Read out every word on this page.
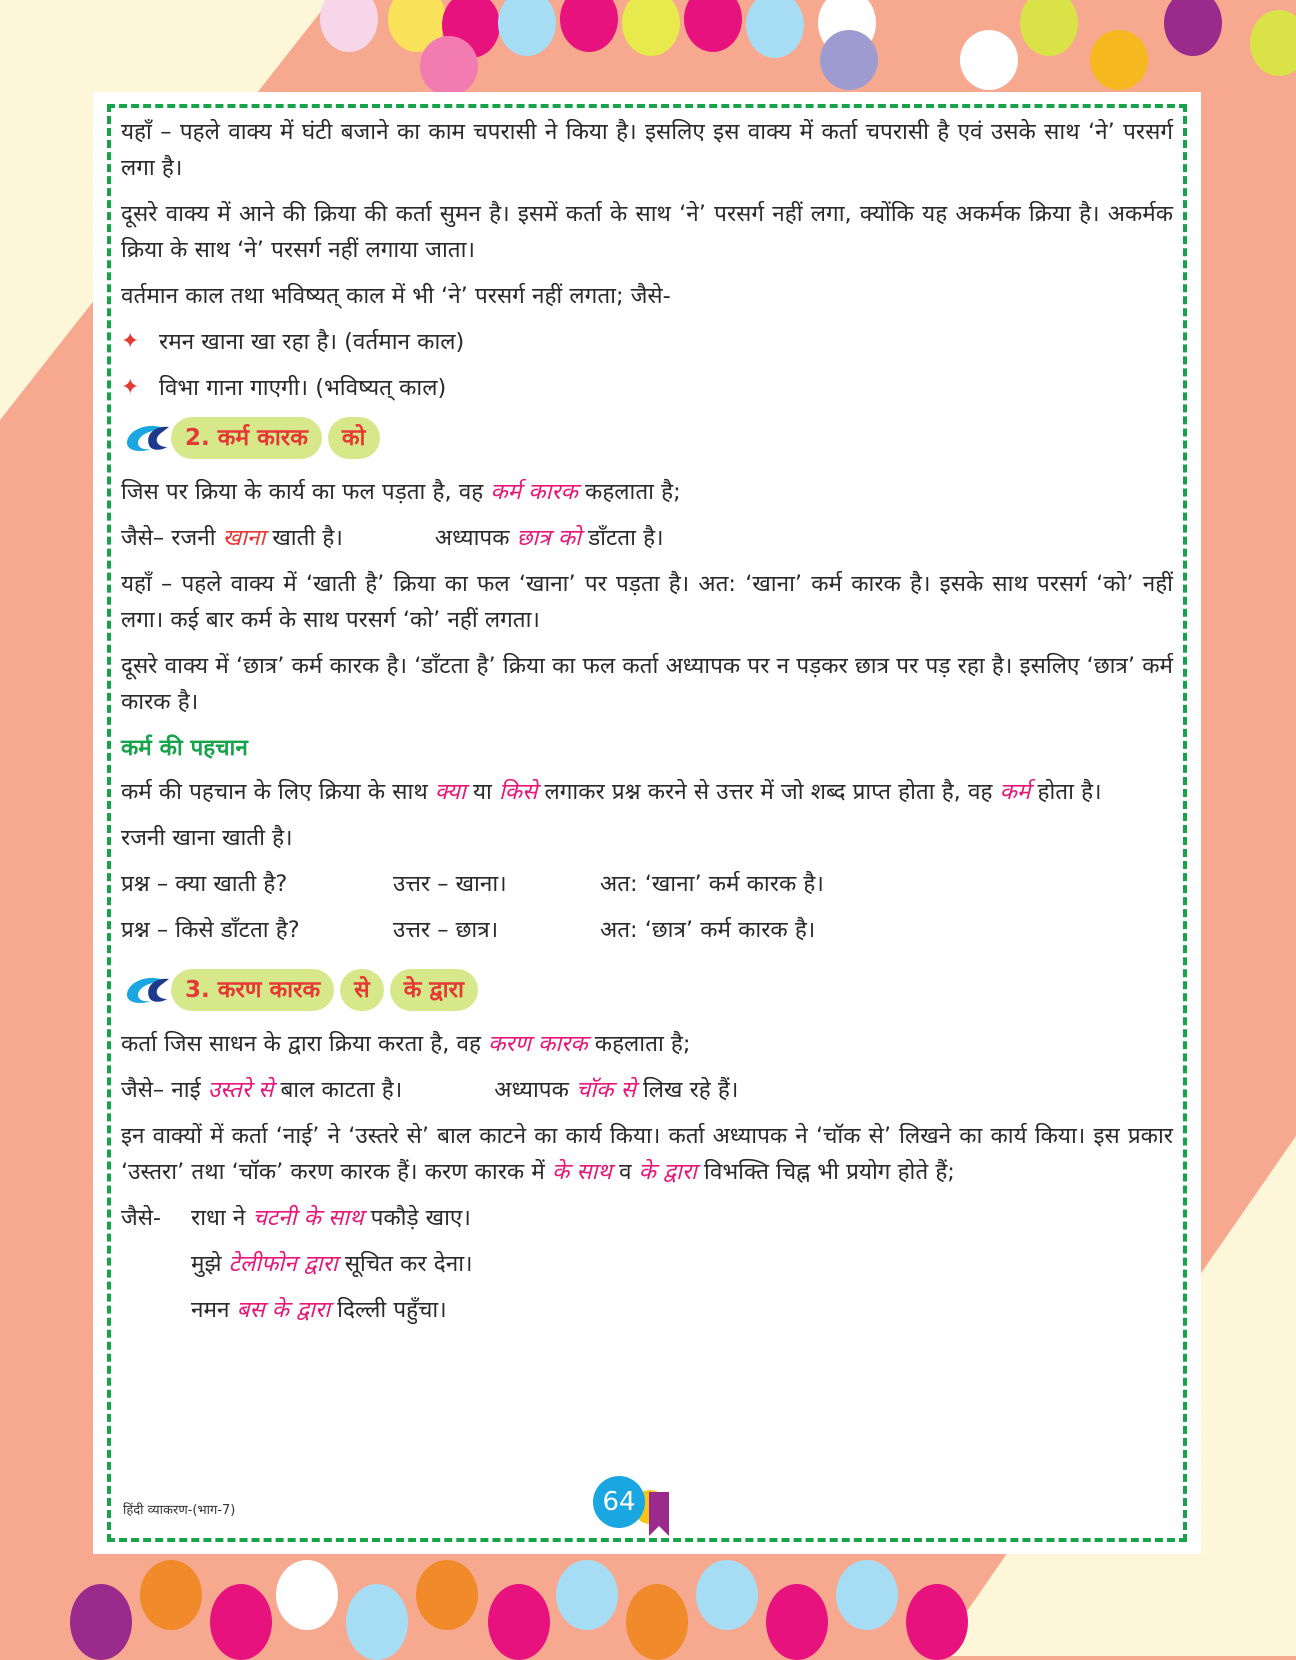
यहाँ – पहले वाक्य में घंटी बजाने का काम चपरासी ने किया है। इसलिए इस वाक्य में कर्ता चपरासी है एवं उसके साथ ‘ने’ परसर्ग लगा है।

दूसरे वाक्य में आने की क्रिया की कर्ता सुमन है। इसमें कर्ता के साथ ‘ने’ परसर्ग नहीं लगा, क्योंकि यह अकर्मक क्रिया है। अकर्मक क्रिया के साथ ‘ने’ परसर्ग नहीं लगाया जाता।

वर्तमान काल तथा भविष्यत् काल में भी ‘ने’ परसर्ग नहीं लगता; जैसे-

✦ रमन खाना खा रहा है। (वर्तमान काल)
✦ विभा गाना गाएगी। (भविष्यत् काल)
2. कर्म कारक	को

जिस पर क्रिया के कार्य का फल पड़ता है, वह कर्म कारक कहलाता है;

जैसे– रजनी खाना खाती है।	अध्यापक छात्र को डाँटता है।

यहाँ – पहले वाक्य में ‘खाती है’ क्रिया का फल ‘खाना’ पर पड़ता है। अत: ‘खाना’ कर्म कारक है। इसके साथ परसर्ग ‘को’ नहीं लगा। कई बार कर्म के साथ परसर्ग ‘को’ नहीं लगता।

दूसरे वाक्य में ‘छात्र’ कर्म कारक है। ‘डाँटता है’ क्रिया का फल कर्ता अध्यापक पर न पड़कर छात्र पर पड़ रहा है। इसलिए ‘छात्र’ कर्म कारक है।

कर्म की पहचान

कर्म की पहचान के लिए क्रिया के साथ क्या या किसे लगाकर प्रश्न करने से उत्तर में जो शब्द प्राप्त होता है, वह कर्म होता है।

रजनी खाना खाती है।

प्रश्न – क्या खाती है?	उत्तर – खाना।	अत: ‘खाना’ कर्म कारक है।
प्रश्न – किसे डाँटता है?	उत्तर – छात्र।	अत: ‘छात्र’ कर्म कारक है।
3. करण कारक	से	के द्वारा

कर्ता जिस साधन के द्वारा क्रिया करता है, वह करण कारक कहलाता है;

जैसे– नाई उस्तरे से बाल काटता है।	अध्यापक चॉक से लिख रहे हैं।

इन वाक्यों में कर्ता ‘नाई’ ने ‘उस्तरे से’ बाल काटने का कार्य किया। कर्ता अध्यापक ने ‘चॉक से’ लिखने का कार्य किया। इस प्रकार ‘उस्तरा’ तथा ‘चॉक’ करण कारक हैं। करण कारक में के साथ व के द्वारा विभक्ति चिह्न भी प्रयोग होते हैं;

जैसे-	राधा ने चटनी के साथ पकौड़े खाए।
मुझे टेलीफोन द्वारा सूचित कर देना।
नमन बस के द्वारा दिल्ली पहुँचा।
हिंदी व्याकरण-(भाग-7)	64
